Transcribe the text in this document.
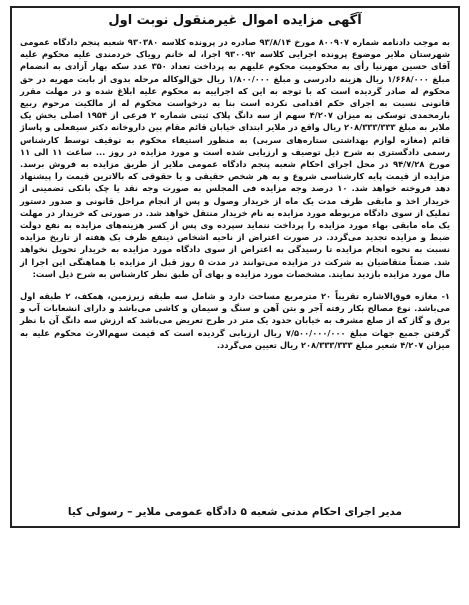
آگهی مزایده اموال غیرمنقول نوبت اول

به موجب دادنامه شماره ۸۰۰۹۰۷ مورخ ۹۳/۸/۱۴ صادره در پرونده کلاسه ۹۳۰۳۸۰ شعبه پنجم دادگاه عمومی شهرستان ملایر موضوع پرونده اجرایی کلاسه ۹۳۰۰۹۲ اجرا، له خانم رویاک خردمندی علیه محکوم علیه آقای حسین مهرنیا رأی به محکومیت محکوم علیهم به پرداخت تعداد ۳۵۰ عدد سکه بهار آزادی به انضمام مبلغ ۱/۶۶۸/۰۰۰ ریال هزینه دادرسی و مبلغ ۱/۸۰۰/۰۰۰ ریال حق‌الوکاله مرحله بدوی از بابت مهریه در حق محکوم له صادر گردیده است که با توجه به این که اجراییه به محکوم علیه ابلاغ شده و در مهلت مقرر قانونی نسبت به اجرای حکم اقدامی نکرده است بنا به درخواست محکوم له از مالکیت مرحوم ربیع بارمحمدی توسکی به میزان ۴/۲۰۷ سهم از سه دانگ پلاک ثبتی شماره ۲ فرعی از ۱۹۵۴ اصلی بخش یک ملایر به مبلغ ۲۰۸/۳۳۳/۳۳۳ ریال واقع در ملایر ابتدای خیابان قائم مقام بین داروخانه دکتر سیفعلی و پاساژ قائم (مغازه لوازم بهداشتی ستاره‌های سربی) به منظور استیفاء محکوم به توقیف توسط کارشناس رسمی دادگستری به شرح ذیل توصیف و ارزیابی شده است و مورد مزایده در روز ... ساعت ۱۱ الی ۱۱ مورخ ۹۴/۷/۲۸ در محل اجرای احکام شعبه پنجم دادگاه عمومی ملایر از طریق مزایده به فروش برسد. مزایده از قیمت پایه کارشناسی شروع و به هر شخص حقیقی و یا حقوقی که بالاترین قیمت را پیشنهاد دهد فروخته خواهد شد. ۱۰ درصد وجه مزایده فی المجلس به صورت وجه نقد یا چک بانکی تضمینی از خریدار اخذ و مابقی ظرف مدت یک ماه از خریدار وصول و پس از انجام مراحل قانونی و صدور دستور تملیک از سوی دادگاه مربوطه مورد مزایده به نام خریدار منتقل خواهد شد. در صورتی که خریدار در مهلت یک ماه مابقی بهاء مورد مزایده را پرداخت ننماید سپرده وی پس از کسر هزینه‌های مزایده به نفع دولت ضبط و مزایده تجدید می‌گردد. در صورت اعتراض از ناحیه اشخاص ذینفع ظرف یک هفته از تاریخ مزایده نسبت به نحوه انجام مزایده تا رسیدگی به اعتراض از سوی دادگاه مورد مزایده به خریدار تحویل نخواهد شد. ضمناً متقاضیان به شرکت در مزایده می‌توانند در مدت ۵ روز قبل از مزایده با هماهنگی این اجرا از مال مورد مزایده بازدید نمایند. مشخصات مورد مزایده و بهای آن طبق نظر کارشناس به شرح ذیل است:

۱- مغازه فوق‌الاشاره تقریباً ۲۰ مترمربع مساحت دارد و شامل سه طبقه زیرزمین، همکف، ۲ طبقه اول می‌باشد. نوع مصالح بکار رفته آجر و بتن آهن و سنگ و سیمان و کاشی می‌باشد و دارای انشعابات آب و برق و گاز که از صلع مشرف به خیابان حدود یک متر در طرح تعریض می‌باشد که ارزش سه دانگ آن با نظر گرفتن جمیع جهات مبلغ ۷/۵۰۰/۰۰۰/۰۰۰ ریال ارزیابی گردیده است که قیمت سهم‌الارث محکوم علیه به میزان ۴/۲۰۷ شعیر مبلغ ۲۰۸/۳۳۳/۳۳۳ ریال تعیین می‌گردد.

مدیر اجرای احکام مدنی شعبه ۵ دادگاه عمومی ملایر – رسولی کیا
